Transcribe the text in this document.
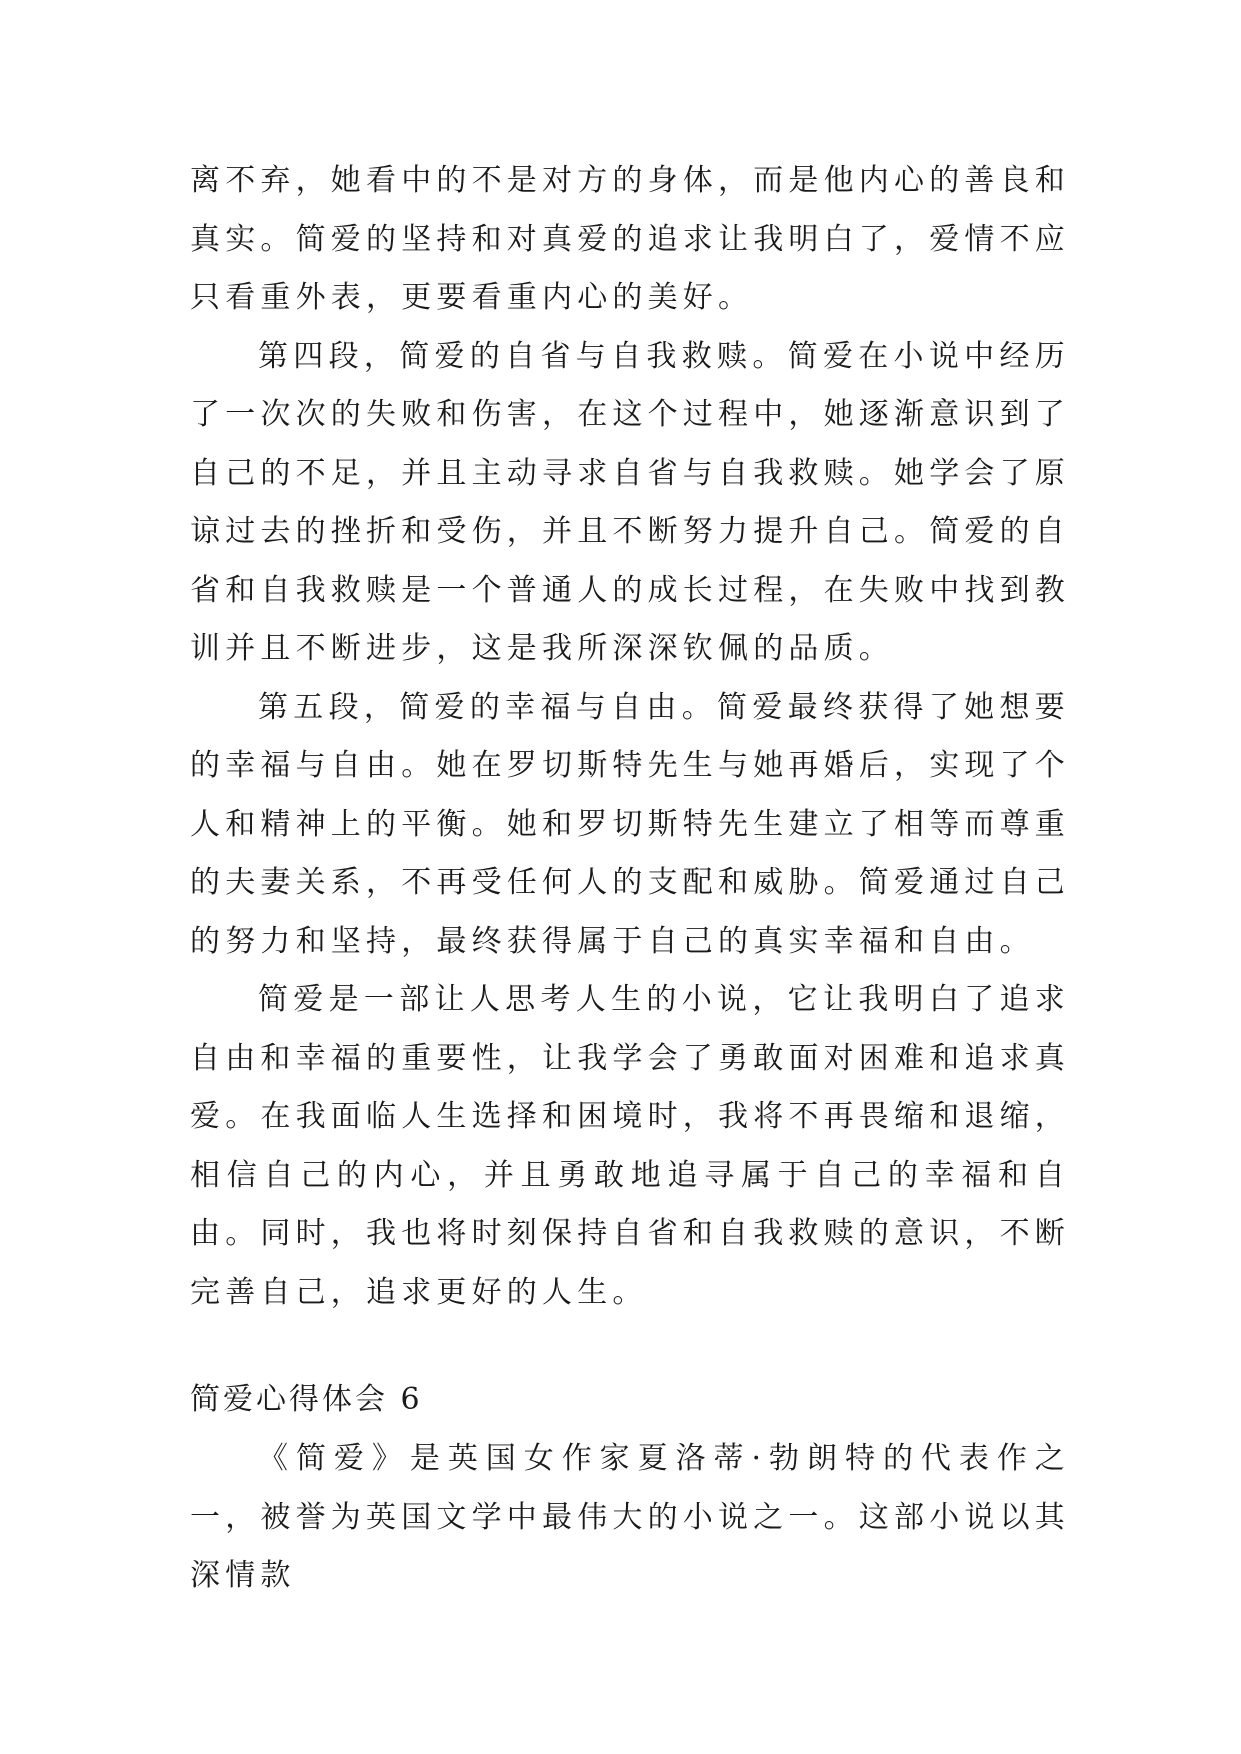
离不弃，她看中的不是对方的身体，而是他内心的善良和真实。简爱的坚持和对真爱的追求让我明白了，爱情不应只看重外表，更要看重内心的美好。

第四段，简爱的自省与自我救赎。简爱在小说中经历了一次次的失败和伤害，在这个过程中，她逐渐意识到了自己的不足，并且主动寻求自省与自我救赎。她学会了原谅过去的挫折和受伤，并且不断努力提升自己。简爱的自省和自我救赎是一个普通人的成长过程，在失败中找到教训并且不断进步，这是我所深深钦佩的品质。

第五段，简爱的幸福与自由。简爱最终获得了她想要的幸福与自由。她在罗切斯特先生与她再婚后，实现了个人和精神上的平衡。她和罗切斯特先生建立了相等而尊重的夫妻关系，不再受任何人的支配和威胁。简爱通过自己的努力和坚持，最终获得属于自己的真实幸福和自由。

简爱是一部让人思考人生的小说，它让我明白了追求自由和幸福的重要性，让我学会了勇敢面对困难和追求真爱。在我面临人生选择和困境时，我将不再畏缩和退缩，相信自己的内心，并且勇敢地追寻属于自己的幸福和自由。同时，我也将时刻保持自省和自我救赎的意识，不断完善自己，追求更好的人生。

简爱心得体会 6

《简爱》是英国女作家夏洛蒂·勃朗特的代表作之一，被誉为英国文学中最伟大的小说之一。这部小说以其深情款
